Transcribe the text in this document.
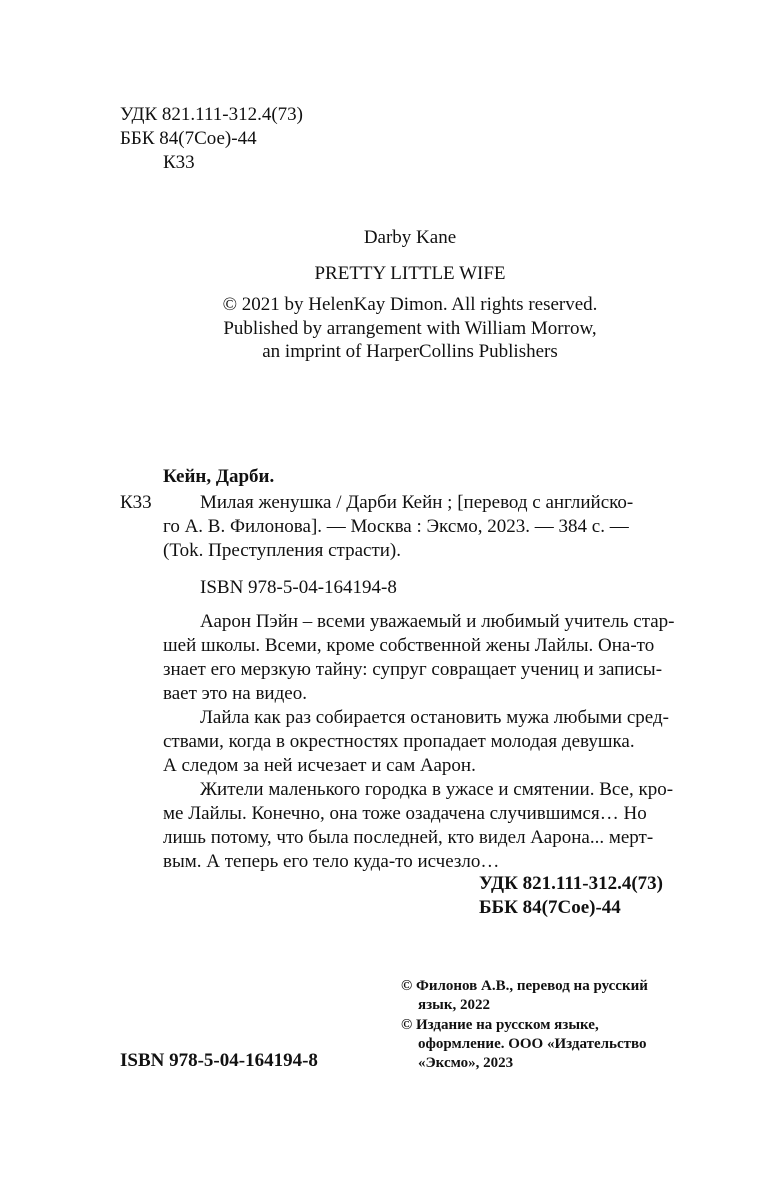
УДК 821.111-312.4(73)
ББК 84(7Сое)-44
К33
Darby Kane
PRETTY LITTLE WIFE
© 2021 by HelenKay Dimon. All rights reserved.
Published by arrangement with William Morrow,
an imprint of HarperCollins Publishers
Кейн, Дарби.
К33	Милая женушка / Дарби Кейн ; [перевод с английско-
го А. В. Филонова]. — Москва : Эксмо, 2023. — 384 с. —
(Tok. Преступления страсти).
ISBN 978-5-04-164194-8
Аарон Пэйн – всеми уважаемый и любимый учитель стар-
шей школы. Всеми, кроме собственной жены Лайлы. Она-то
знает его мерзкую тайну: супруг совращает учениц и записы-
вает это на видео.
Лайла как раз собирается остановить мужа любыми сред-
ствами, когда в окрестностях пропадает молодая девушка.
А следом за ней исчезает и сам Аарон.
Жители маленького городка в ужасе и смятении. Все, кро-
ме Лайлы. Конечно, она тоже озадачена случившимся… Но
лишь потому, что была последней, кто видел Аарона... мерт-
вым. А теперь его тело куда-то исчезло…
УДК 821.111-312.4(73)
ББК 84(7Сое)-44
© Филонов А.В., перевод на русский
язык, 2022
© Издание на русском языке,
оформление. ООО «Издательство
«Эксмо», 2023
ISBN 978-5-04-164194-8
